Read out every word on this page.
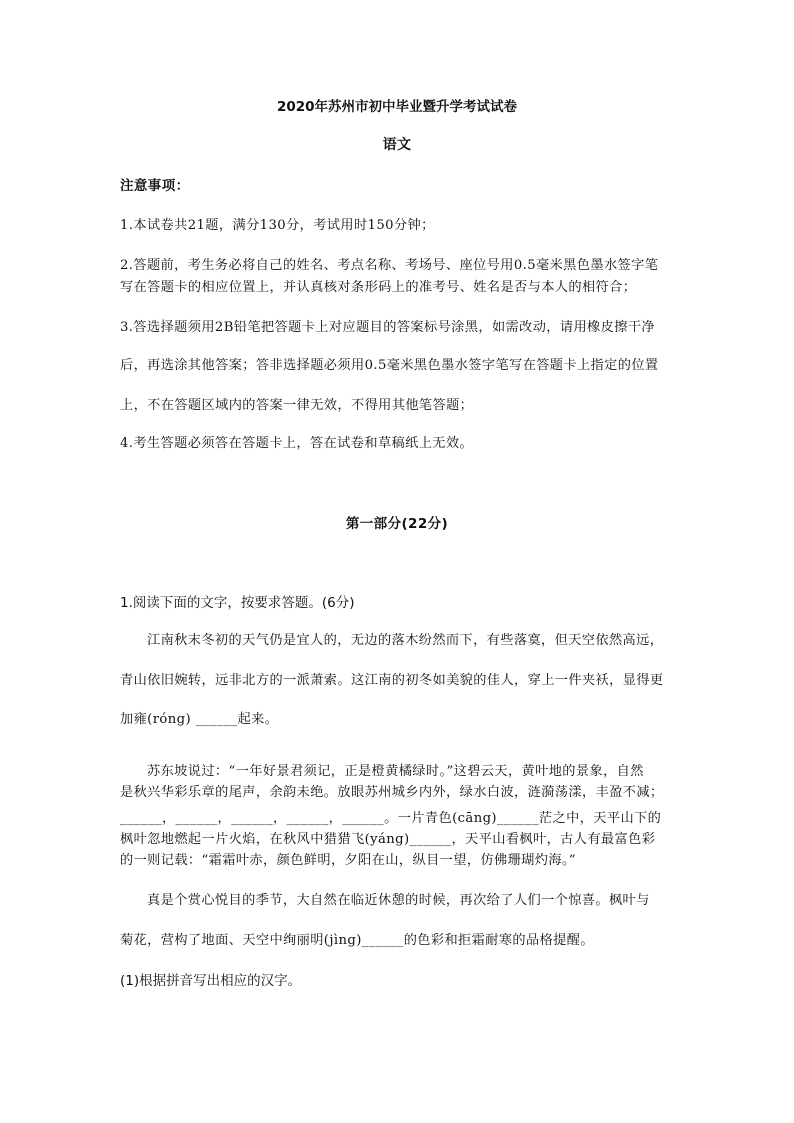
2020年苏州市初中毕业暨升学考试试卷
语文
注意事项：
1.本试卷共21题，满分130分，考试用时150分钟；
2.答题前，考生务必将自己的姓名、考点名称、考场号、座位号用0.5毫米黑色墨水签字笔
写在答题卡的相应位置上，并认真核对条形码上的准考号、姓名是否与本人的相符合；
3.答选择题须用2B铅笔把答题卡上对应题目的答案标号涂黑，如需改动，请用橡皮擦干净
后，再选涂其他答案；答非选择题必须用0.5毫米黑色墨水签字笔写在答题卡上指定的位置
上，不在答题区域内的答案一律无效，不得用其他笔答题；
4.考生答题必须答在答题卡上，答在试卷和草稿纸上无效。
第一部分(22分)
1.阅读下面的文字，按要求答题。(6分)
江南秋末冬初的天气仍是宜人的，无边的落木纷然而下，有些落寞，但天空依然高远，
青山依旧婉转，远非北方的一派萧索。这江南的初冬如美貌的佳人，穿上一件夹袄，显得更
加雍(róng) ______起来。
苏东坡说过：“一年好景君须记，正是橙黄橘绿时。”这碧云天，黄叶地的景象，自然
是秋兴华彩乐章的尾声，余韵未绝。放眼苏州城乡内外，绿水白波，涟漪荡漾，丰盈不减；
______，______，______，______，______。一片青色(cāng)______茫之中，天平山下的
枫叶忽地燃起一片火焰，在秋风中猎猎飞(yáng)______，天平山看枫叶，古人有最富色彩
的一则记载：“霜霜叶赤，颜色鲜明，夕阳在山，纵目一望，仿佛珊瑚灼海。”
真是个赏心悦目的季节，大自然在临近休憩的时候，再次给了人们一个惊喜。枫叶与
菊花，营构了地面、天空中绚丽明(jìng)______的色彩和拒霜耐寒的品格提醒。
(1)根据拼音写出相应的汉字。
